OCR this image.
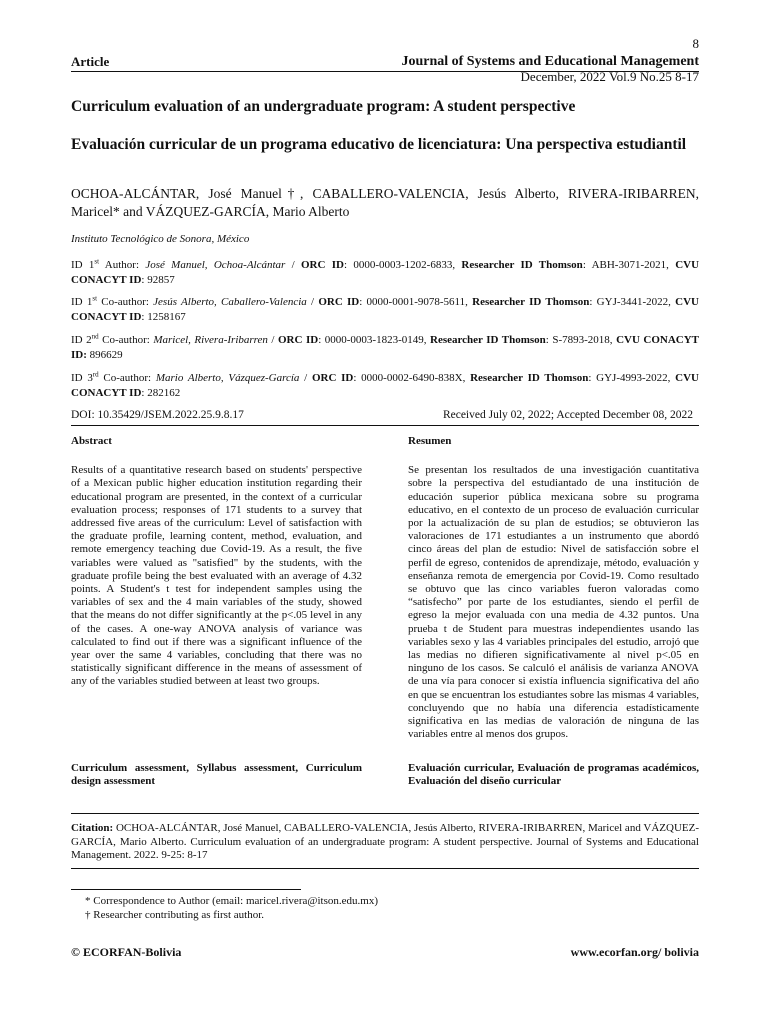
8
Article	Journal of Systems and Educational Management
December, 2022 Vol.9 No.25 8-17
Curriculum evaluation of an undergraduate program: A student perspective
Evaluación curricular de un programa educativo de licenciatura: Una perspectiva estudiantil
OCHOA-ALCÁNTAR, José Manuel†, CABALLERO-VALENCIA, Jesús Alberto, RIVERA-IRIBARREN, Maricel* and VÁZQUEZ-GARCÍA, Mario Alberto
Instituto Tecnológico de Sonora, México
ID 1st Author: José Manuel, Ochoa-Alcántar / ORC ID: 0000-0003-1202-6833, Researcher ID Thomson: ABH-3071-2021, CVU CONACYT ID: 92857
ID 1st Co-author: Jesús Alberto, Caballero-Valencia / ORC ID: 0000-0001-9078-5611, Researcher ID Thomson: GYJ-3441-2022, CVU CONACYT ID: 1258167
ID 2nd Co-author: Maricel, Rivera-Iribarren / ORC ID: 0000-0003-1823-0149, Researcher ID Thomson: S-7893-2018, CVU CONACYT ID: 896629
ID 3rd Co-author: Mario Alberto, Vázquez-García / ORC ID: 0000-0002-6490-838X, Researcher ID Thomson: GYJ-4993-2022, CVU CONACYT ID: 282162
DOI: 10.35429/JSEM.2022.25.9.8.17	Received July 02, 2022; Accepted December 08, 2022
Abstract
Results of a quantitative research based on students' perspective of a Mexican public higher education institution regarding their educational program are presented, in the context of a curricular evaluation process; responses of 171 students to a survey that addressed five areas of the curriculum: Level of satisfaction with the graduate profile, learning content, method, evaluation, and remote emergency teaching due Covid-19. As a result, the five variables were valued as "satisfied" by the students, with the graduate profile being the best evaluated with an average of 4.32 points. A Student's t test for independent samples using the variables of sex and the 4 main variables of the study, showed that the means do not differ significantly at the p<.05 level in any of the cases. A one-way ANOVA analysis of variance was calculated to find out if there was a significant influence of the year over the same 4 variables, concluding that there was no statistically significant difference in the means of assessment of any of the variables studied between at least two groups.
Resumen
Se presentan los resultados de una investigación cuantitativa sobre la perspectiva del estudiantado de una institución de educación superior pública mexicana sobre su programa educativo, en el contexto de un proceso de evaluación curricular por la actualización de su plan de estudios; se obtuvieron las valoraciones de 171 estudiantes a un instrumento que abordó cinco áreas del plan de estudio: Nivel de satisfacción sobre el perfil de egreso, contenidos de aprendizaje, método, evaluación y enseñanza remota de emergencia por Covid-19. Como resultado se obtuvo que las cinco variables fueron valoradas como “satisfecho” por parte de los estudiantes, siendo el perfil de egreso la mejor evaluada con una media de 4.32 puntos. Una prueba t de Student para muestras independientes usando las variables sexo y las 4 variables principales del estudio, arrojó que las medias no difieren significativamente al nivel p<.05 en ninguno de los casos. Se calculó el análisis de varianza ANOVA de una vía para conocer si existía influencia significativa del año en que se encuentran los estudiantes sobre las mismas 4 variables, concluyendo que no había una diferencia estadísticamente significativa en las medias de valoración de ninguna de las variables entre al menos dos grupos.
Curriculum assessment, Syllabus assessment, Curriculum design assessment
Evaluación curricular, Evaluación de programas académicos, Evaluación del diseño curricular
Citation: OCHOA-ALCÁNTAR, José Manuel, CABALLERO-VALENCIA, Jesús Alberto, RIVERA-IRIBARREN, Maricel and VÁZQUEZ-GARCÍA, Mario Alberto. Curriculum evaluation of an undergraduate program: A student perspective. Journal of Systems and Educational Management. 2022. 9-25: 8-17
* Correspondence to Author (email: maricel.rivera@itson.edu.mx)
† Researcher contributing as first author.
© ECORFAN-Bolivia	www.ecorfan.org/ bolivia
